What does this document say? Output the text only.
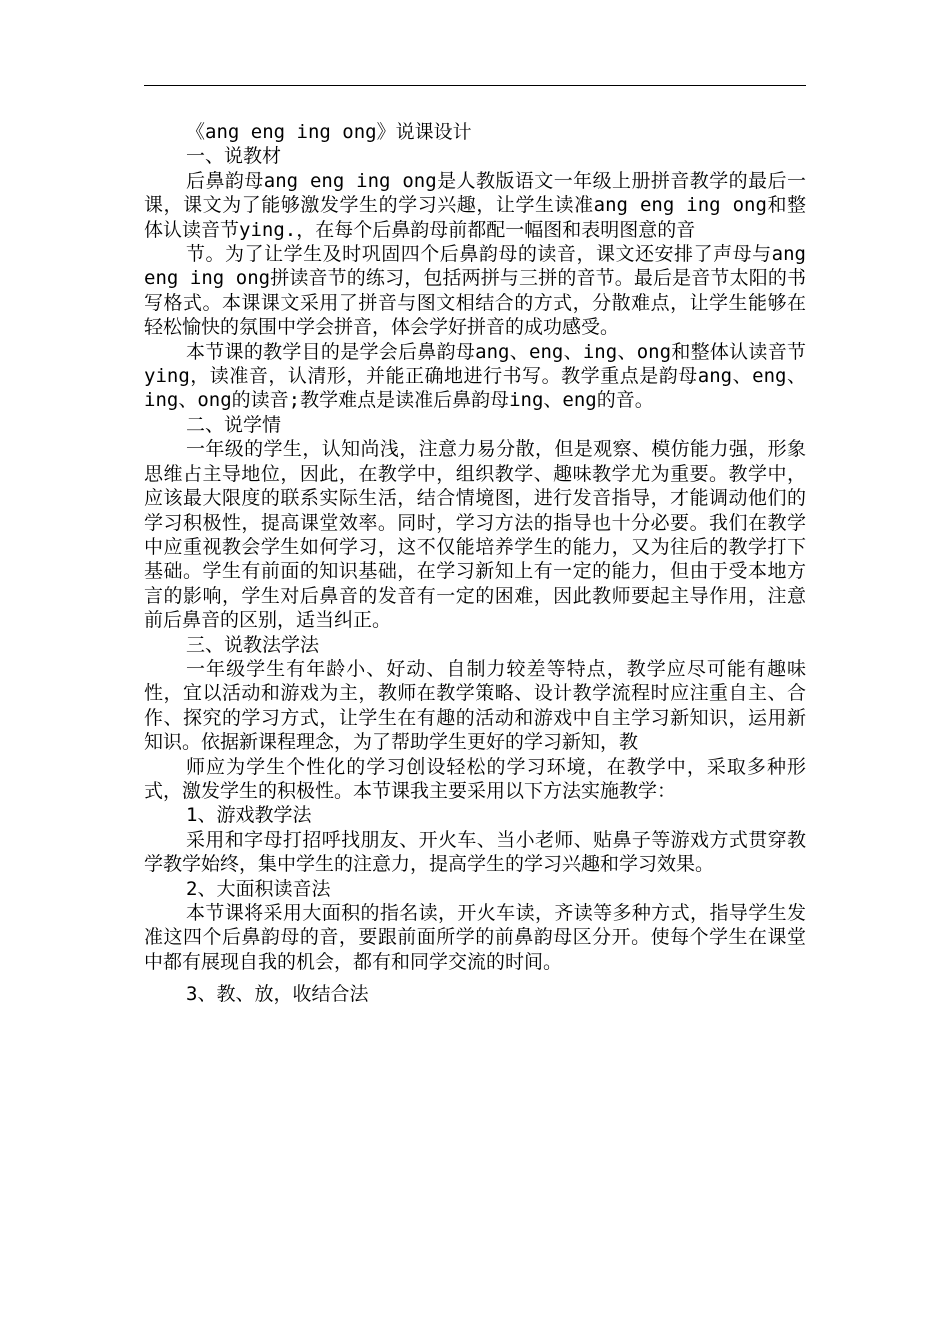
《ang eng ing ong》说课设计

一、说教材

后鼻韵母ang eng ing ong是人教版语文一年级上册拼音教学的最后一课，课文为了能够激发学生的学习兴趣，让学生读准ang eng ing ong和整体认读音节ying.，在每个后鼻韵母前都配一幅图和表明图意的音

节。为了让学生及时巩固四个后鼻韵母的读音，课文还安排了声母与ang eng ing ong拼读音节的练习，包括两拼与三拼的音节。最后是音节太阳的书写格式。本课课文采用了拼音与图文相结合的方式，分散难点，让学生能够在轻松愉快的氛围中学会拼音，体会学好拼音的成功感受。

本节课的教学目的是学会后鼻韵母ang、eng、ing、ong和整体认读音节ying，读准音，认清形，并能正确地进行书写。教学重点是韵母ang、eng、ing、ong的读音;教学难点是读准后鼻韵母ing、eng的音。

二、说学情

一年级的学生，认知尚浅，注意力易分散，但是观察、模仿能力强，形象思维占主导地位，因此，在教学中，组织教学、趣味教学尤为重要。教学中，应该最大限度的联系实际生活，结合情境图，进行发音指导，才能调动他们的学习积极性，提高课堂效率。同时，学习方法的指导也十分必要。我们在教学中应重视教会学生如何学习，这不仅能培养学生的能力，又为往后的教学打下基础。学生有前面的知识基础，在学习新知上有一定的能力，但由于受本地方言的影响，学生对后鼻音的发音有一定的困难，因此教师要起主导作用，注意前后鼻音的区别，适当纠正。

三、说教法学法

一年级学生有年龄小、好动、自制力较差等特点，教学应尽可能有趣味性，宜以活动和游戏为主，教师在教学策略、设计教学流程时应注重自主、合作、探究的学习方式，让学生在有趣的活动和游戏中自主学习新知识，运用新知识。依据新课程理念，为了帮助学生更好的学习新知，教

师应为学生个性化的学习创设轻松的学习环境，在教学中，采取多种形式，激发学生的积极性。本节课我主要采用以下方法实施教学：

1、游戏教学法

采用和字母打招呼找朋友、开火车、当小老师、贴鼻子等游戏方式贯穿教学教学始终，集中学生的注意力，提高学生的学习兴趣和学习效果。

2、大面积读音法

本节课将采用大面积的指名读，开火车读，齐读等多种方式，指导学生发准这四个后鼻韵母的音，要跟前面所学的前鼻韵母区分开。使每个学生在课堂中都有展现自我的机会，都有和同学交流的时间。

3、教、放，收结合法
